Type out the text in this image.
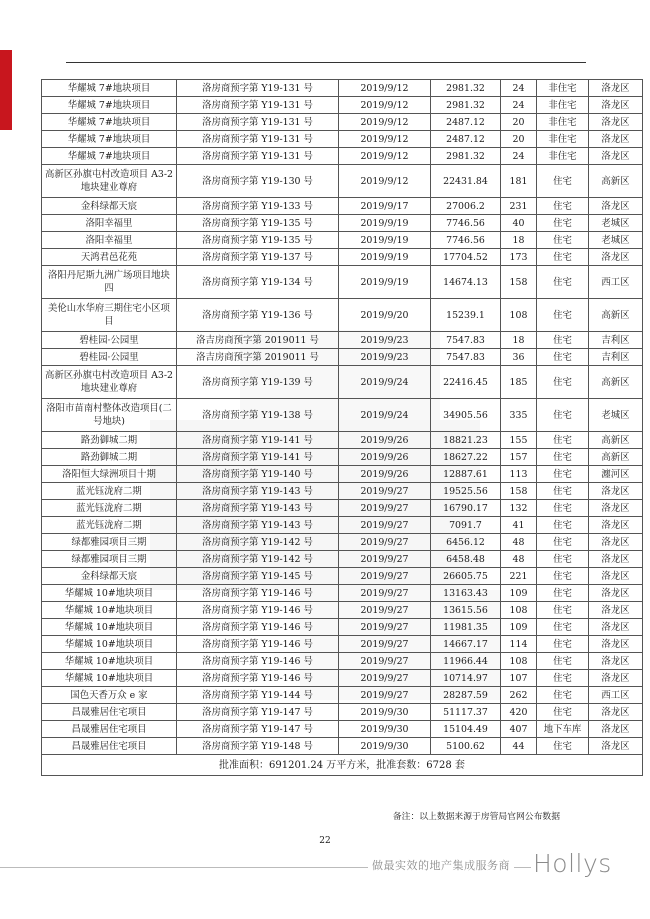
华耀城 7#地块项目	洛房商预字第 Y19-131 号	2019/9/12	2981.32	24	非住宅	洛龙区
华耀城 7#地块项目	洛房商预字第 Y19-131 号	2019/9/12	2981.32	24	非住宅	洛龙区
华耀城 7#地块项目	洛房商预字第 Y19-131 号	2019/9/12	2487.12	20	非住宅	洛龙区
华耀城 7#地块项目	洛房商预字第 Y19-131 号	2019/9/12	2487.12	20	非住宅	洛龙区
华耀城 7#地块项目	洛房商预字第 Y19-131 号	2019/9/12	2981.32	24	非住宅	洛龙区
高新区孙旗屯村改造项目 A3-2 地块建业尊府	洛房商预字第 Y19-130 号	2019/9/12	22431.84	181	住宅	高新区
金科绿都天宸	洛房商预字第 Y19-133 号	2019/9/17	27006.2	231	住宅	洛龙区
洛阳幸福里	洛房商预字第 Y19-135 号	2019/9/19	7746.56	40	住宅	老城区
洛阳幸福里	洛房商预字第 Y19-135 号	2019/9/19	7746.56	18	住宅	老城区
天鸿君邑花苑	洛房商预字第 Y19-137 号	2019/9/19	17704.52	173	住宅	洛龙区
洛阳丹尼斯九洲广场项目地块四	洛房商预字第 Y19-134 号	2019/9/19	14674.13	158	住宅	西工区
美伦山水华府三期住宅小区项目	洛房商预字第 Y19-136 号	2019/9/20	15239.1	108	住宅	高新区
碧桂园·公园里	洛吉房商预字第 2019011 号	2019/9/23	7547.83	18	住宅	吉利区
碧桂园·公园里	洛吉房商预字第 2019011 号	2019/9/23	7547.83	36	住宅	吉利区
高新区孙旗屯村改造项目 A3-2 地块建业尊府	洛房商预字第 Y19-139 号	2019/9/24	22416.45	185	住宅	高新区
洛阳市苗南村整体改造项目(二号地块)	洛房商预字第 Y19-138 号	2019/9/24	34905.56	335	住宅	老城区
路劲御城二期	洛房商预字第 Y19-141 号	2019/9/26	18821.23	155	住宅	高新区
路劲御城二期	洛房商预字第 Y19-141 号	2019/9/26	18627.22	157	住宅	高新区
洛阳恒大绿洲项目十期	洛房商预字第 Y19-140 号	2019/9/26	12887.61	113	住宅	瀍河区
蓝光钰泷府二期	洛房商预字第 Y19-143 号	2019/9/27	19525.56	158	住宅	洛龙区
蓝光钰泷府二期	洛房商预字第 Y19-143 号	2019/9/27	16790.17	132	住宅	洛龙区
蓝光钰泷府二期	洛房商预字第 Y19-143 号	2019/9/27	7091.7	41	住宅	洛龙区
绿都雅园项目三期	洛房商预字第 Y19-142 号	2019/9/27	6456.12	48	住宅	洛龙区
绿都雅园项目三期	洛房商预字第 Y19-142 号	2019/9/27	6458.48	48	住宅	洛龙区
金科绿都天宸	洛房商预字第 Y19-145 号	2019/9/27	26605.75	221	住宅	洛龙区
华耀城 10#地块项目	洛房商预字第 Y19-146 号	2019/9/27	13163.43	109	住宅	洛龙区
华耀城 10#地块项目	洛房商预字第 Y19-146 号	2019/9/27	13615.56	108	住宅	洛龙区
华耀城 10#地块项目	洛房商预字第 Y19-146 号	2019/9/27	11981.35	109	住宅	洛龙区
华耀城 10#地块项目	洛房商预字第 Y19-146 号	2019/9/27	14667.17	114	住宅	洛龙区
华耀城 10#地块项目	洛房商预字第 Y19-146 号	2019/9/27	11966.44	108	住宅	洛龙区
华耀城 10#地块项目	洛房商预字第 Y19-146 号	2019/9/27	10714.97	107	住宅	洛龙区
国色天香万众 e 家	洛房商预字第 Y19-144 号	2019/9/27	28287.59	262	住宅	西工区
昌晟雅居住宅项目	洛房商预字第 Y19-147 号	2019/9/30	51117.37	420	住宅	洛龙区
昌晟雅居住宅项目	洛房商预字第 Y19-147 号	2019/9/30	15104.49	407	地下车库	洛龙区
昌晟雅居住宅项目	洛房商预字第 Y19-148 号	2019/9/30	5100.62	44	住宅	洛龙区
批准面积：691201.24 万平方米，批准套数：6728 套						
备注：以上数据来源于房管局官网公布数据
22
做最实效的地产集成服务商 Hollys
